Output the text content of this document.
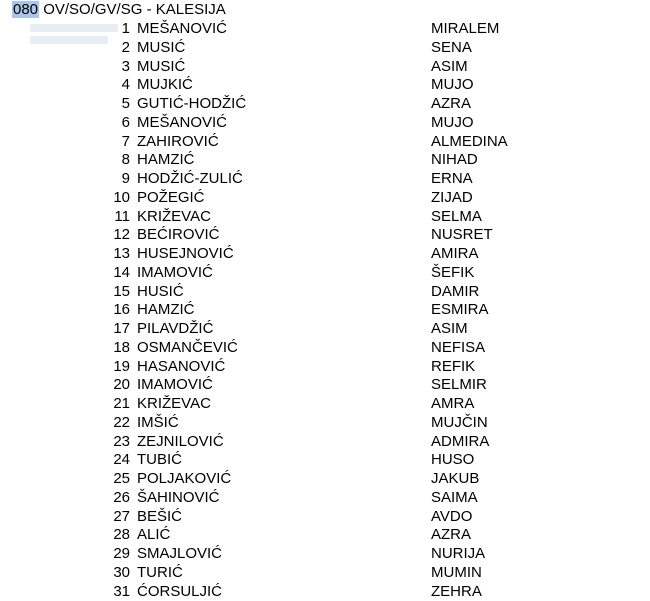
080 OV/SO/GV/SG - KALESIJA
1 MEŠANOVIĆ	MIRALEM
2 MUSIĆ	SENA
3 MUSIĆ	ASIM
4 MUJKIĆ	MUJO
5 GUTIĆ-HODŽIĆ	AZRA
6 MEŠANOVIĆ	MUJO
7 ZAHIROVIĆ	ALMEDINA
8 HAMZIĆ	NIHAD
9 HODŽIĆ-ZULIĆ	ERNA
10 POŽEGIĆ	ZIJAD
11 KRIŽEVAC	SELMA
12 BEĆIROVIĆ	NUSRET
13 HUSEJNOVIĆ	AMIRA
14 IMAMOVIĆ	ŠEFIK
15 HUSIĆ	DAMIR
16 HAMZIĆ	ESMIRA
17 PILAVDŽIĆ	ASIM
18 OSMANČEVIĆ	NEFISA
19 HASANOVIĆ	REFIK
20 IMAMOVIĆ	SELMIR
21 KRIŽEVAC	AMRA
22 IMŠIĆ	MUJČIN
23 ZEJNILOVIĆ	ADMIRA
24 TUBIĆ	HUSO
25 POLJAKOVIĆ	JAKUB
26 ŠAHINOVIĆ	SAIMA
27 BEŠIĆ	AVDO
28 ALIĆ	AZRA
29 SMAJLOVIĆ	NURIJA
30 TURIĆ	MUMIN
31 ĆORSULJIĆ	ZEHRA
